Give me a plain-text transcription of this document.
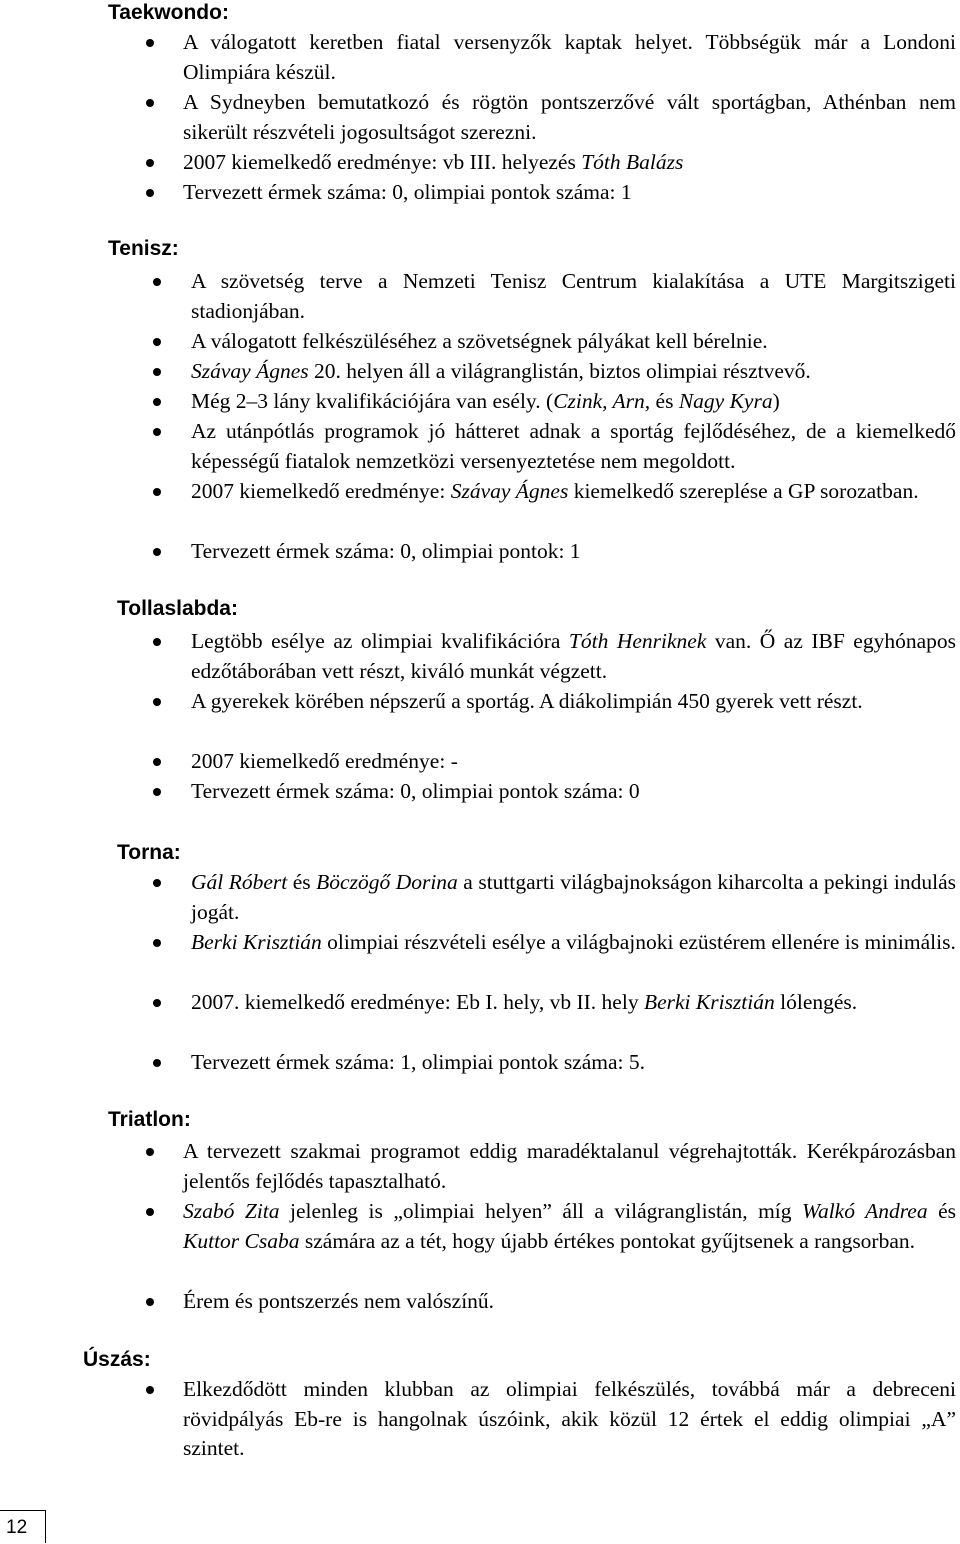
Taekwondo:
A válogatott keretben fiatal versenyzők kaptak helyet. Többségük már a Londoni Olimpiára készül.
A Sydneyben bemutatkozó és rögtön pontszerzővé vált sportágban, Athénban nem sikerült részvételi jogosultságot szerezni.
2007 kiemelkedő eredménye: vb III. helyezés Tóth Balázs
Tervezett érmek száma: 0, olimpiai pontok száma: 1
Tenisz:
A szövetség terve a Nemzeti Tenisz Centrum kialakítása a UTE Margitszigeti stadionjában.
A válogatott felkészüléséhez a szövetségnek pályákat kell bérelnie.
Szávay Ágnes 20. helyen áll a világranglistán, biztos olimpiai résztvevő.
Még 2–3 lány kvalifikációjára van esély. (Czink, Arn, és Nagy Kyra)
Az utánpótlás programok jó hátteret adnak a sportág fejlődéséhez, de a kiemelkedő képességű fiatalok nemzetközi versenyeztetése nem megoldott.
2007 kiemelkedő eredménye: Szávay Ágnes kiemelkedő szereplése a GP sorozatban.
Tervezett érmek száma: 0, olimpiai pontok: 1
Tollaslabda:
Legtöbb esélye az olimpiai kvalifikációra Tóth Henriknek van. Ő az IBF egyhónapos edzőtáborában vett részt, kiváló munkát végzett.
A gyerekek körében népszerű a sportág. A diákolimpián 450 gyerek vett részt.
2007 kiemelkedő eredménye: -
Tervezett érmek száma: 0, olimpiai pontok száma: 0
Torna:
Gál Róbert és Böczögő Dorina a stuttgarti világbajnokságon kiharcolta a pekingi indulás jogát.
Berki Krisztián olimpiai részvételi esélye a világbajnoki ezüstérem ellenére is minimális.
2007. kiemelkedő eredménye: Eb I. hely, vb II. hely Berki Krisztián lólengés.
Tervezett érmek száma: 1, olimpiai pontok száma: 5.
Triatlon:
A tervezett szakmai programot eddig maradéktalanul végrehajtották. Kerékpározásban jelentős fejlődés tapasztalható.
Szabó Zita jelenleg is „olimpiai helyen” áll a világranglistán, míg Walkó Andrea és Kuttor Csaba számára az a tét, hogy újabb értékes pontokat gyűjtsenek a rangsorban.
Érem és pontszerzés nem valószínű.
Úszás:
Elkezdődött minden klubban az olimpiai felkészülés, továbbá már a debreceni rövidpályás Eb-re is hangolnak úszóink, akik közül 12 értek el eddig olimpiai „A” szintet.
12
